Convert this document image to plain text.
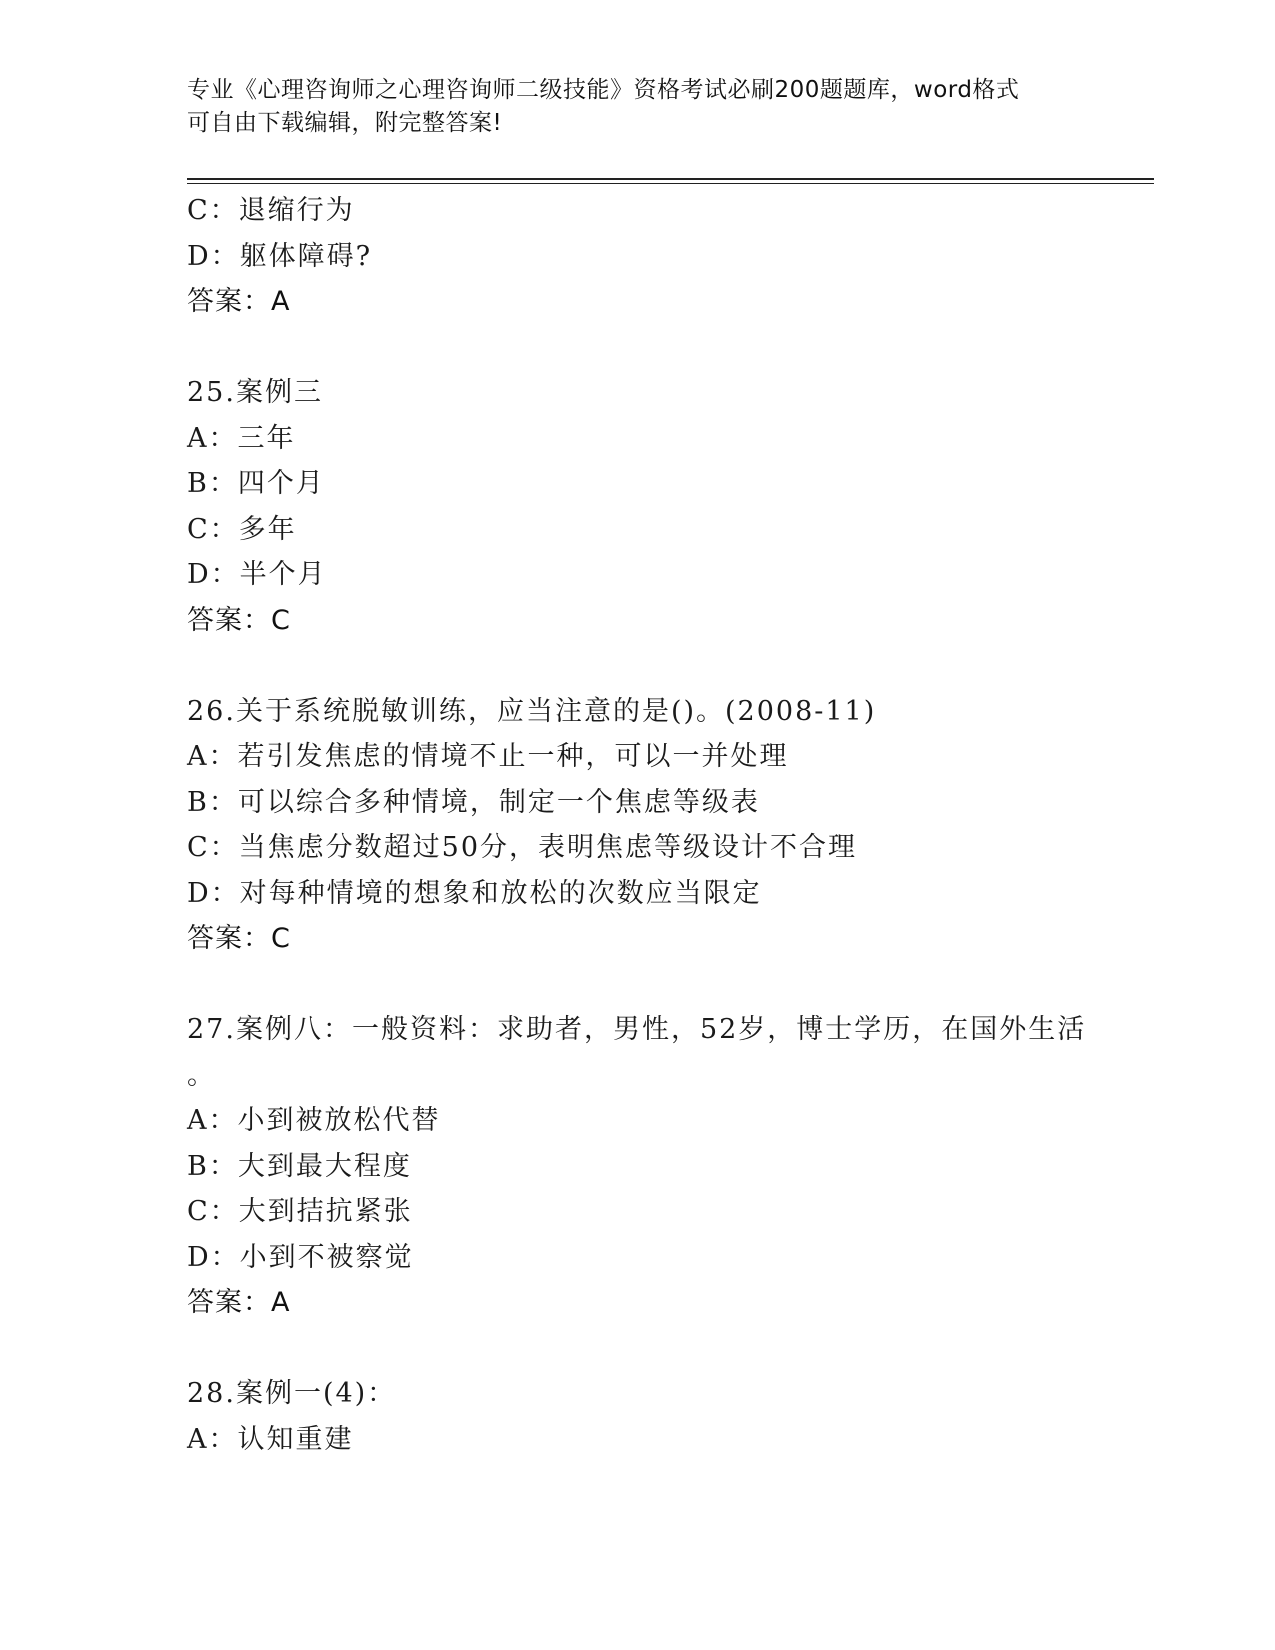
专业《心理咨询师之心理咨询师二级技能》资格考试必刷200题题库，word格式
可自由下载编辑，附完整答案!
C：退缩行为
D：躯体障碍?
答案：A
25.案例三
A：三年
B：四个月
C：多年
D：半个月
答案：C
26.关于系统脱敏训练，应当注意的是()。(2008-11)
A：若引发焦虑的情境不止一种，可以一并处理
B：可以综合多种情境，制定一个焦虑等级表
C：当焦虑分数超过50分，表明焦虑等级设计不合理
D：对每种情境的想象和放松的次数应当限定
答案：C
27.案例八：一般资料：求助者，男性，52岁，博士学历，在国外生活
。
A：小到被放松代替
B：大到最大程度
C：大到拮抗紧张
D：小到不被察觉
答案：A
28.案例一(4)：
A：认知重建
